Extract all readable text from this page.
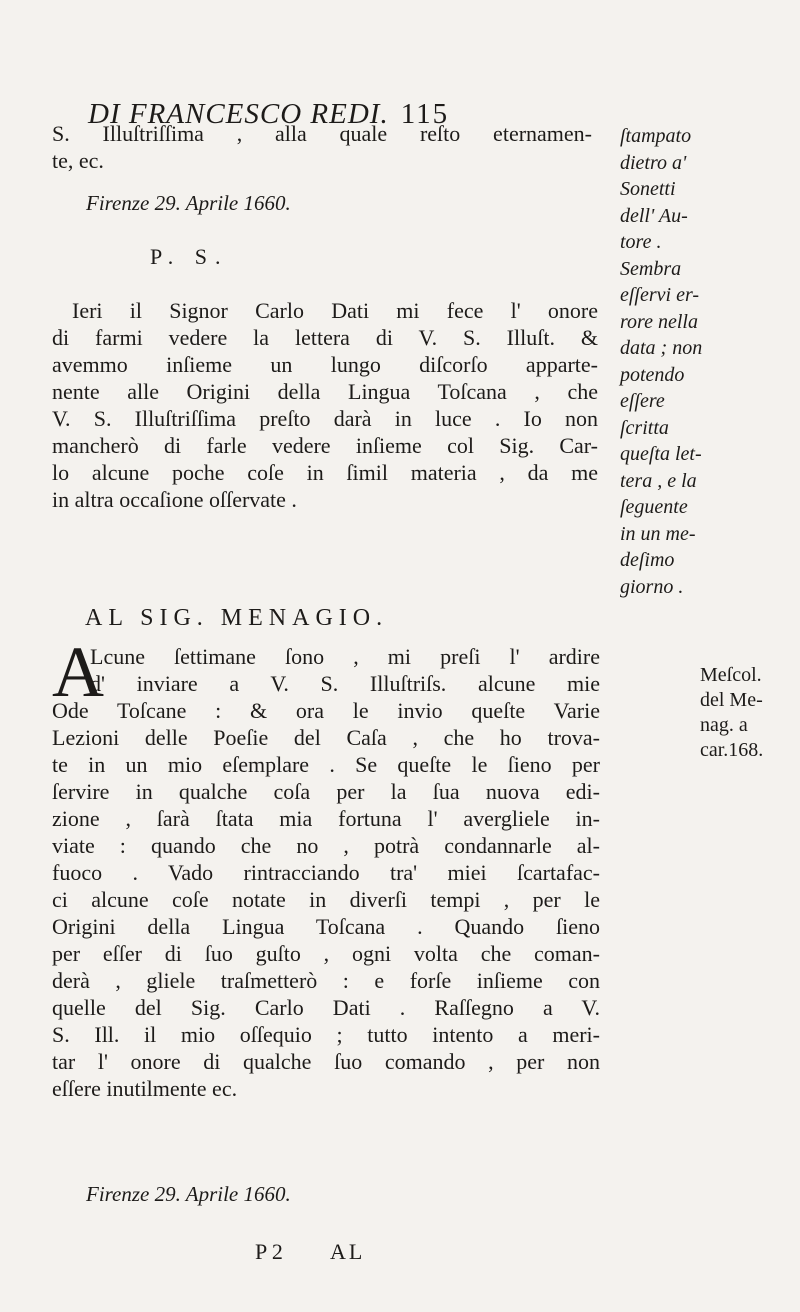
DI FRANCESCO REDI. 115
S. Illuſtriſſima , alla quale reſto eternamen-
te, ec.
Firenze 29. Aprile 1660.
P. S.
Ieri il Signor Carlo Dati mi fece l' onore
di farmi vedere la lettera di V. S. Illuſt. &
avemmo inſieme un lungo diſcorſo apparte-
nente alle Origini della Lingua Toſcana , che
V. S. Illuſtriſſima preſto darà in luce . Io non
mancherò di farle vedere inſieme col Sig. Car-
lo alcune poche coſe in ſimil materia , da me
in altra occaſione oſſervate .
AL SIG. MENAGIO.
A
Lcune ſettimane ſono , mi preſi l' ardire
d' inviare a V. S. Illuſtriſs. alcune mie
Ode Toſcane : & ora le invio queſte Varie
Lezioni delle Poeſie del Caſa , che ho trova-
te in un mio eſemplare . Se queſte le ſieno per
ſervire in qualche coſa per la ſua nuova edi-
zione , ſarà ſtata mia fortuna l' avergliele in-
viate : quando che no , potrà condannarle al-
fuoco . Vado rintracciando tra' miei ſcartafac-
ci alcune coſe notate in diverſi tempi , per le
Origini della Lingua Toſcana . Quando ſieno
per eſſer di ſuo guſto , ogni volta che coman-
derà , gliele traſmetterò : e forſe inſieme con
quelle del Sig. Carlo Dati . Raſſegno a V.
S. Ill. il mio oſſequio ; tutto intento a meri-
tar l' onore di qualche ſuo comando , per non
eſſere inutilmente ec.
Firenze 29. Aprile 1660.
ſtampato
dietro a'
Sonetti
dell' Au-
tore .
Sembra
eſſervi er-
rore nella
data ; non
potendo
eſſere
ſcritta
queſta let-
tera , e la
ſeguente
in un me-
deſimo
giorno .
Meſcol.
del Me-
nag. a
car.168.
P 2 AL
